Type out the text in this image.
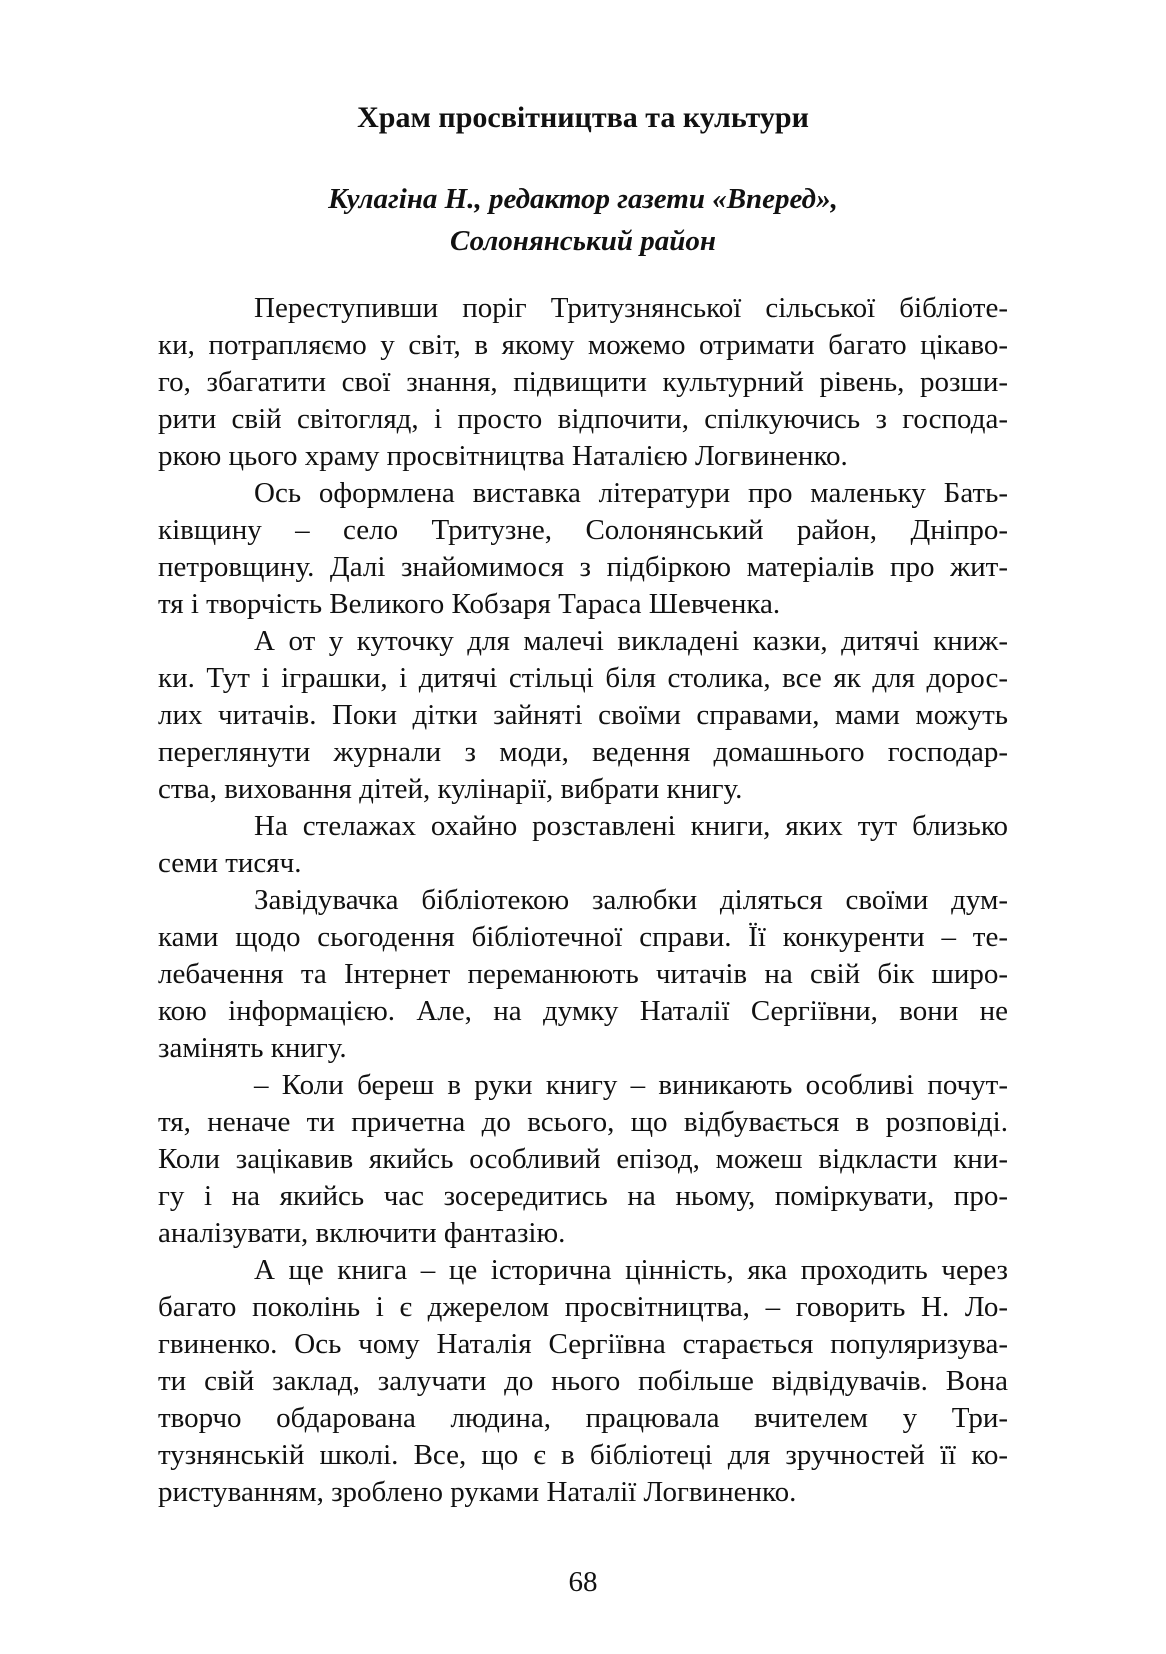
Храм просвітництва та культури
Кулагіна Н., редактор газети «Вперед»,
Солонянський район
Переступивши поріг Тритузнянської сільської бібліоте-
ки, потрапляємо у світ, в якому можемо отримати багато цікаво-
го, збагатити свої знання, підвищити культурний рівень, розши-
рити свій світогляд, і просто відпочити, спілкуючись з господа-
ркою цього храму просвітництва Наталією Логвиненко.
Ось оформлена виставка літератури про маленьку Бать-
ківщину – село Тритузне, Солонянський район, Дніпро-
петровщину. Далі знайомимося з підбіркою матеріалів про жит-
тя і творчість Великого Кобзаря Тараса Шевченка.
А от у куточку для малечі викладені казки, дитячі книж-
ки. Тут і іграшки, і дитячі стільці біля столика, все як для дорос-
лих читачів. Поки дітки зайняті своїми справами, мами можуть
переглянути журнали з моди, ведення домашнього господар-
ства, виховання дітей, кулінарії, вибрати книгу.
На стелажах охайно розставлені книги, яких тут близько
семи тисяч.
Завідувачка бібліотекою залюбки діляться своїми дум-
ками щодо сьогодення бібліотечної справи. Її конкуренти – те-
лебачення та Інтернет переманюють читачів на свій бік широ-
кою інформацією. Але, на думку Наталії Сергіївни, вони не
замінять книгу.
– Коли береш в руки книгу – виникають особливі почут-
тя, неначе ти причетна до всього, що відбувається в розповіді.
Коли зацікавив якийсь особливий епізод, можеш відкласти кни-
гу і на якийсь час зосередитись на ньому, поміркувати, про-
аналізувати, включити фантазію.
А ще книга – це історична цінність, яка проходить через
багато поколінь і є джерелом просвітництва, – говорить Н. Ло-
гвиненко. Ось чому Наталія Сергіївна старається популяризува-
ти свій заклад, залучати до нього побільше відвідувачів. Вона
творчо обдарована людина, працювала вчителем у Три-
тузнянській школі. Все, що є в бібліотеці для зручностей її ко-
ристуванням, зроблено руками Наталії Логвиненко.
68
